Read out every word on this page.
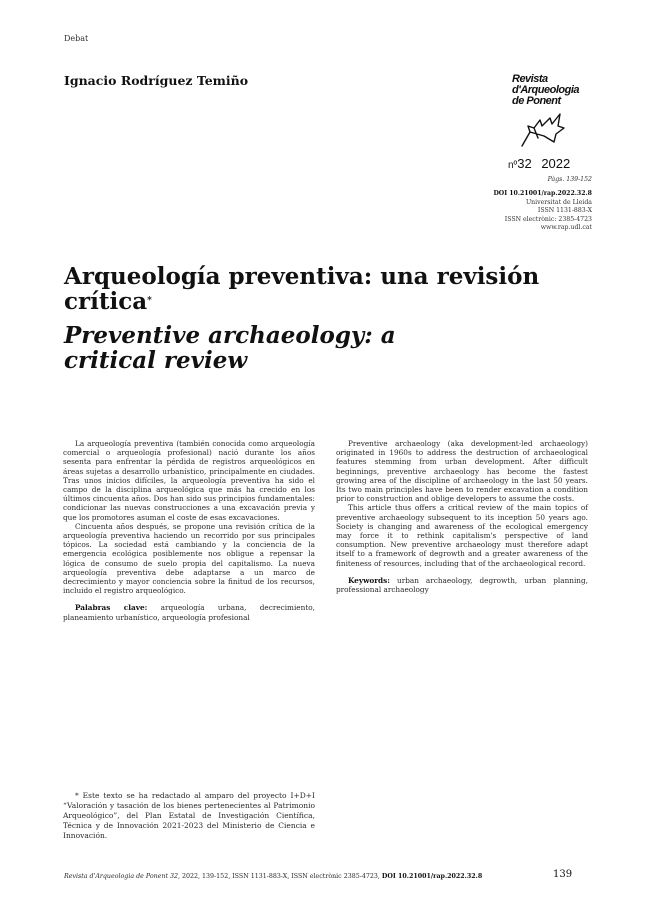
Debat
Ignacio Rodríguez Temiño	Revista
d'Arqueologia
de Ponent
nº32 2022
Pàgs. 139-152
DOI 10.21001/rap.2022.32.8
Universitat de Lleida
ISSN 1131-883-X
ISSN electrònic: 2385-4723
www.rap.udl.cat
Arqueología preventiva: una revisión crítica*
Preventive archaeology: a critical review

La arqueología preventiva (también conocida como arqueología comercial o arqueología profesional) nació durante los años sesenta para enfrentar la pérdida de registros arqueológicos en áreas sujetas a desarrollo urbanístico, principalmente en ciudades. Tras unos inicios difíciles, la arqueología preventiva ha sido el campo de la disciplina arqueológica que más ha crecido en los últimos cincuenta años. Dos han sido sus principios fundamentales: condicionar las nuevas construcciones a una excavación previa y que los promotores asuman el coste de esas excavaciones.

Cincuenta años después, se propone una revisión crítica de la arqueología preventiva haciendo un recorrido por sus principales tópicos. La sociedad está cambiando y la conciencia de la emergencia ecológica posiblemente nos obligue a repensar la lógica de consumo de suelo propia del capitalismo. La nueva arqueología preventiva debe adaptarse a un marco de decrecimiento y mayor conciencia sobre la finitud de los recursos, incluido el registro arqueológico.

Palabras clave: arqueología urbana, decrecimiento, planeamiento urbanístico, arqueología profesional

Preventive archaeology (aka development-led archaeology) originated in 1960s to address the destruction of archaeological features stemming from urban development. After difficult beginnings, preventive archaeology has become the fastest growing area of the discipline of archaeology in the last 50 years. Its two main principles have been to render excavation a condition prior to construction and oblige developers to assume the costs.

This article thus offers a critical review of the main topics of preventive archaeology subsequent to its inception 50 years ago. Society is changing and awareness of the ecological emergency may force it to rethink capitalism's perspective of land consumption. New preventive archaeology must therefore adapt itself to a framework of degrowth and a greater awareness of the finiteness of resources, including that of the archaeological record.

Keywords: urban archaeology, degrowth, urban planning, professional archaeology

* Este texto se ha redactado al amparo del proyecto I+D+I “Valoración y tasación de los bienes pertenecientes al Patrimonio Arqueológico”, del Plan Estatal de Investigación Científica, Técnica y de Innovación 2021-2023 del Ministerio de Ciencia e Innovación.

Revista d'Arqueologia de Ponent 32, 2022, 139-152, ISSN 1131-883-X, ISSN electrònic 2385-4723, DOI 10.21001/rap.2022.32.8	139
